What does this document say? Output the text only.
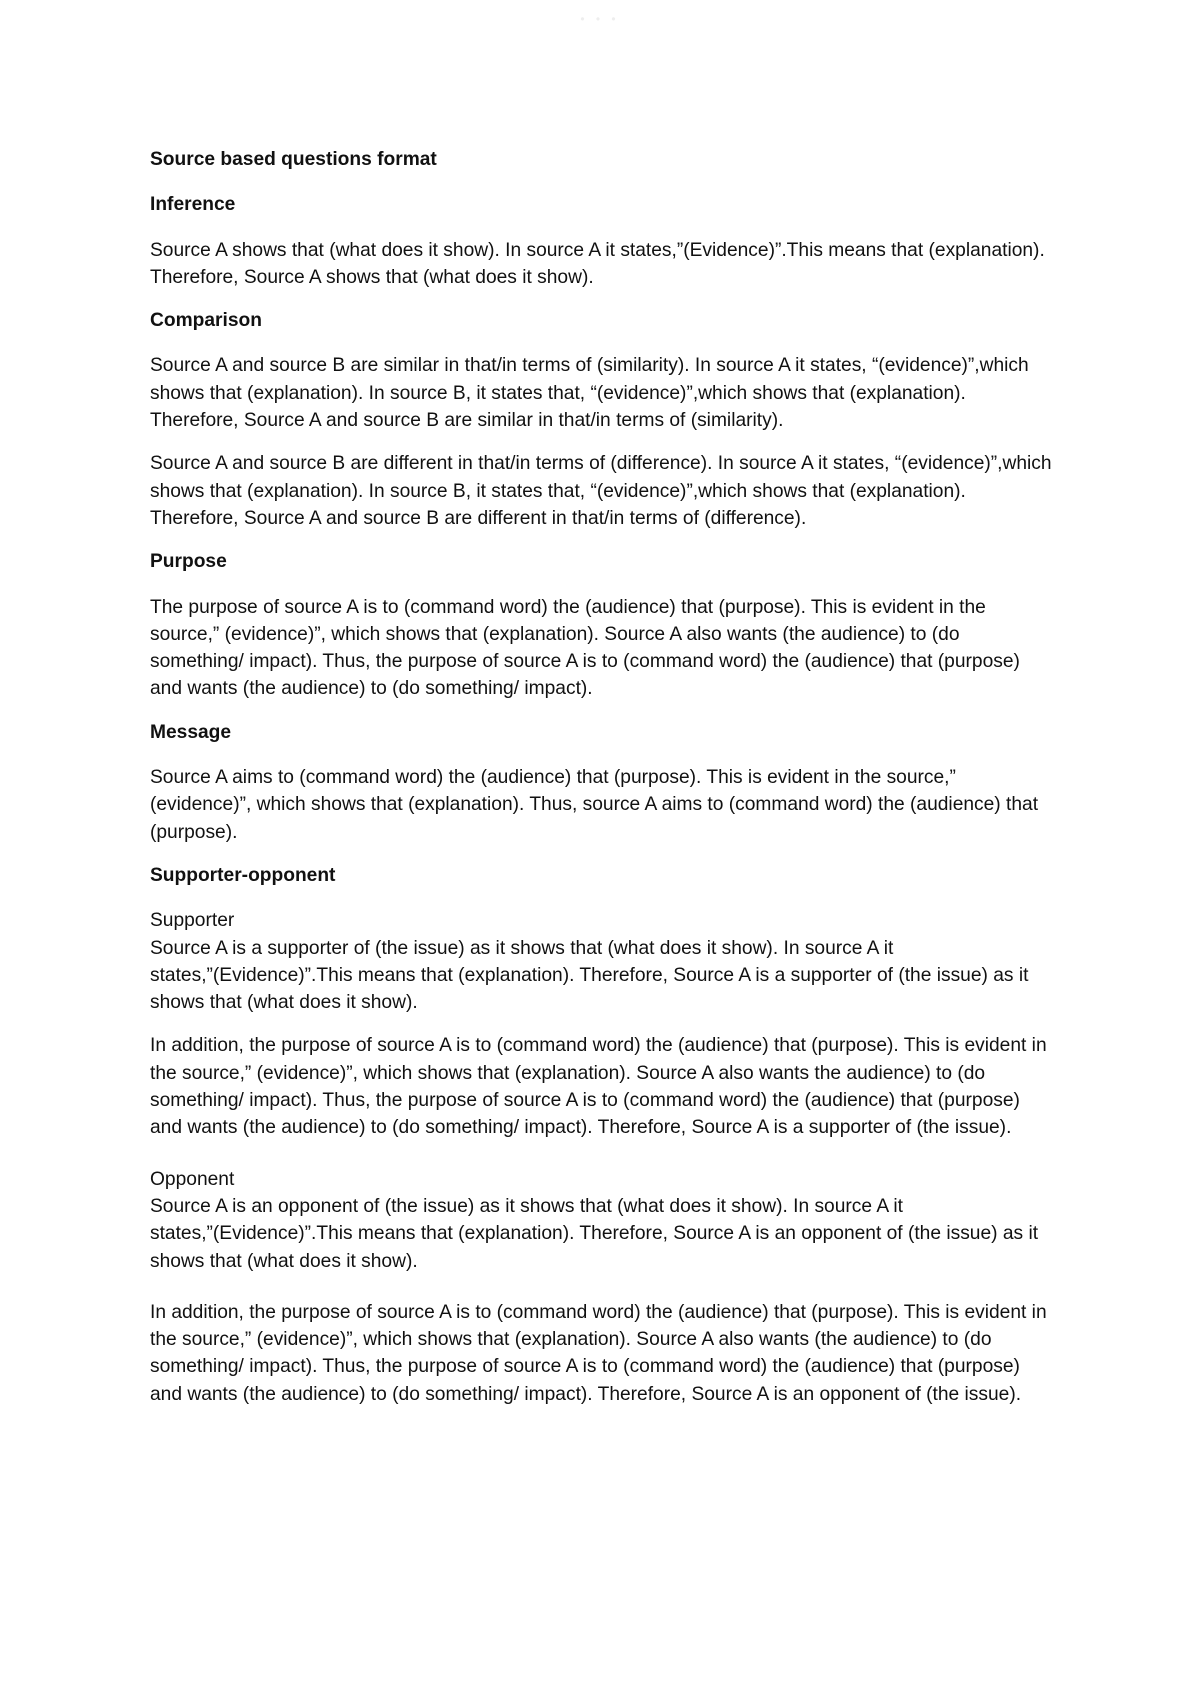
• • •
Source based questions format
Inference

Source A shows that (what does it show). In source A it states,”(Evidence)”.This means that (explanation). Therefore, Source A shows that (what does it show).

Comparison

Source A and source B are similar in that/in terms of (similarity). In source A it states, “(evidence)”,which shows that (explanation). In source B, it states that, “(evidence)”,which shows that (explanation). Therefore, Source A and source B are similar in that/in terms of (similarity).

Source A and source B are different in that/in terms of (difference). In source A it states, “(evidence)”,which shows that (explanation). In source B, it states that, “(evidence)”,which shows that (explanation). Therefore, Source A and source B are different in that/in terms of (difference).

Purpose

The purpose of source A is to (command word) the (audience) that (purpose). This is evident in the source,” (evidence)”, which shows that (explanation). Source A also wants (the audience) to (do something/ impact). Thus, the purpose of source A is to (command word) the (audience) that (purpose) and wants (the audience) to (do something/ impact).

Message

Source A aims to (command word) the (audience) that (purpose). This is evident in the source,” (evidence)”, which shows that (explanation). Thus, source A aims to (command word) the (audience) that (purpose).

Supporter-opponent

Supporter

Source A is a supporter of (the issue) as it shows that (what does it show). In source A it states,”(Evidence)”.This means that (explanation). Therefore, Source A is a supporter of (the issue) as it shows that (what does it show).

In addition, the purpose of source A is to (command word) the (audience) that (purpose). This is evident in the source,” (evidence)”, which shows that (explanation). Source A also wants the audience) to (do something/ impact). Thus, the purpose of source A is to (command word) the (audience) that (purpose) and wants (the audience) to (do something/ impact). Therefore, Source A is a supporter of (the issue).

Opponent

Source A is an opponent of (the issue) as it shows that (what does it show). In source A it states,”(Evidence)”.This means that (explanation). Therefore, Source A is an opponent of (the issue) as it shows that (what does it show).

In addition, the purpose of source A is to (command word) the (audience) that (purpose). This is evident in the source,” (evidence)”, which shows that (explanation). Source A also wants (the audience) to (do something/ impact). Thus, the purpose of source A is to (command word) the (audience) that (purpose) and wants (the audience) to (do something/ impact). Therefore, Source A is an opponent of (the issue).
